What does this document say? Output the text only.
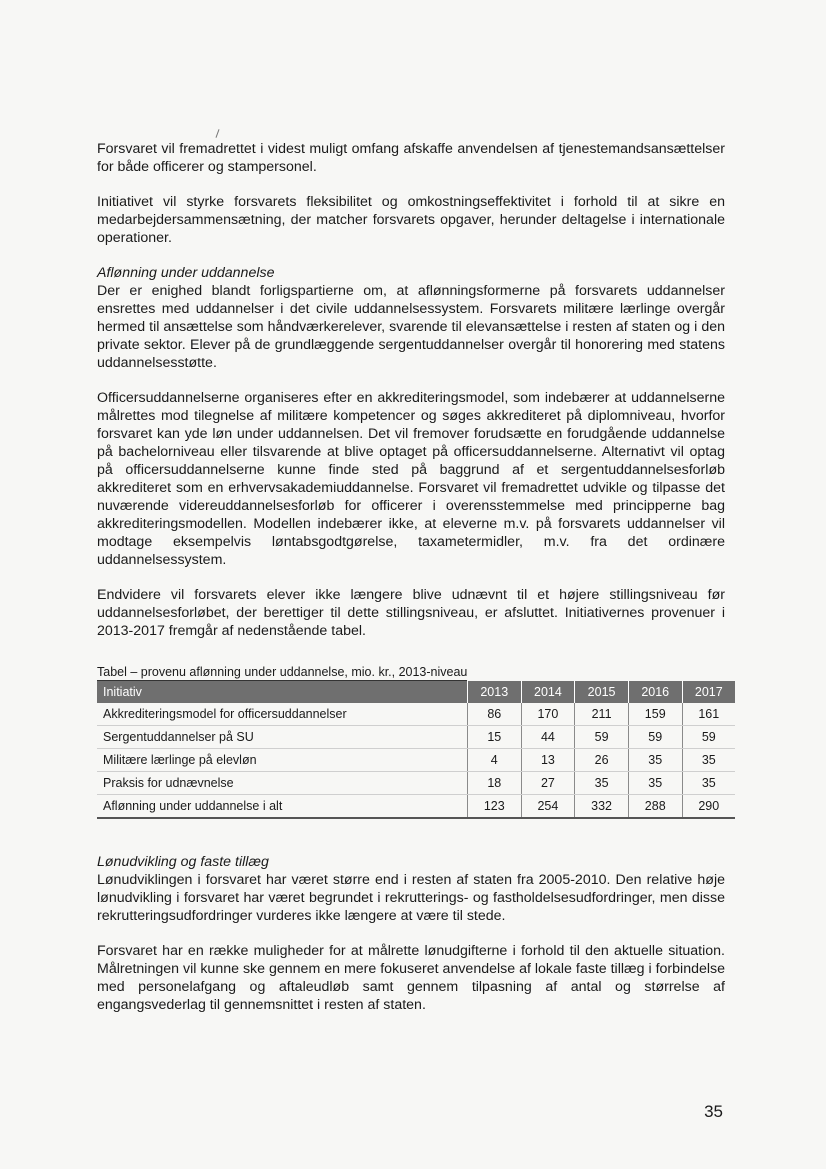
Forsvaret vil fremadrettet i videst muligt omfang afskaffe anvendelsen af tjenestemandsansættelser for både officerer og stampersonel.

Initiativet vil styrke forsvarets fleksibilitet og omkostningseffektivitet i forhold til at sikre en medarbejdersammensætning, der matcher forsvarets opgaver, herunder deltagelse i internationale operationer.

Aflønning under uddannelse

Der er enighed blandt forligspartierne om, at aflønningsformerne på forsvarets uddannelser ensrettes med uddannelser i det civile uddannelsessystem. Forsvarets militære lærlinge overgår hermed til ansættelse som håndværkerelever, svarende til elevansættelse i resten af staten og i den private sektor. Elever på de grundlæggende sergentuddannelser overgår til honorering med statens uddannelsesstøtte.

Officersuddannelserne organiseres efter en akkrediteringsmodel, som indebærer at uddannelserne målrettes mod tilegnelse af militære kompetencer og søges akkrediteret på diplomniveau, hvorfor forsvaret kan yde løn under uddannelsen. Det vil fremover forudsætte en forudgående uddannelse på bachelorniveau eller tilsvarende at blive optaget på officersuddannelserne. Alternativt vil optag på officersuddannelserne kunne finde sted på baggrund af et sergentuddannelsesforløb akkrediteret som en erhvervsakademiuddannelse. Forsvaret vil fremadrettet udvikle og tilpasse det nuværende videreuddannelsesforløb for officerer i overensstemmelse med principperne bag akkrediteringsmodellen. Modellen indebærer ikke, at eleverne m.v. på forsvarets uddannelser vil modtage eksempelvis løntabsgodtgørelse, taxametermidler, m.v. fra det ordinære uddannelsessystem.

Endvidere vil forsvarets elever ikke længere blive udnævnt til et højere stillingsniveau før uddannelsesforløbet, der berettiger til dette stillingsniveau, er afsluttet. Initiativernes provenuer i 2013-2017 fremgår af nedenstående tabel.

Tabel – provenu aflønning under uddannelse, mio. kr., 2013-niveau
Initiativ	2013	2014	2015	2016	2017
Akkrediteringsmodel for officersuddannelser	86	170	211	159	161
Sergentuddannelser på SU	15	44	59	59	59
Militære lærlinge på elevløn	4	13	26	35	35
Praksis for udnævnelse	18	27	35	35	35
Aflønning under uddannelse i alt	123	254	332	288	290

Lønudvikling og faste tillæg

Lønudviklingen i forsvaret har været større end i resten af staten fra 2005-2010. Den relative høje lønudvikling i forsvaret har været begrundet i rekrutterings- og fastholdelsesudfordringer, men disse rekrutteringsudfordringer vurderes ikke længere at være til stede.

Forsvaret har en række muligheder for at målrette lønudgifterne i forhold til den aktuelle situation. Målretningen vil kunne ske gennem en mere fokuseret anvendelse af lokale faste tillæg i forbindelse med personelafgang og aftaleudløb samt gennem tilpasning af antal og størrelse af engangsvederlag til gennemsnittet i resten af staten.

35
